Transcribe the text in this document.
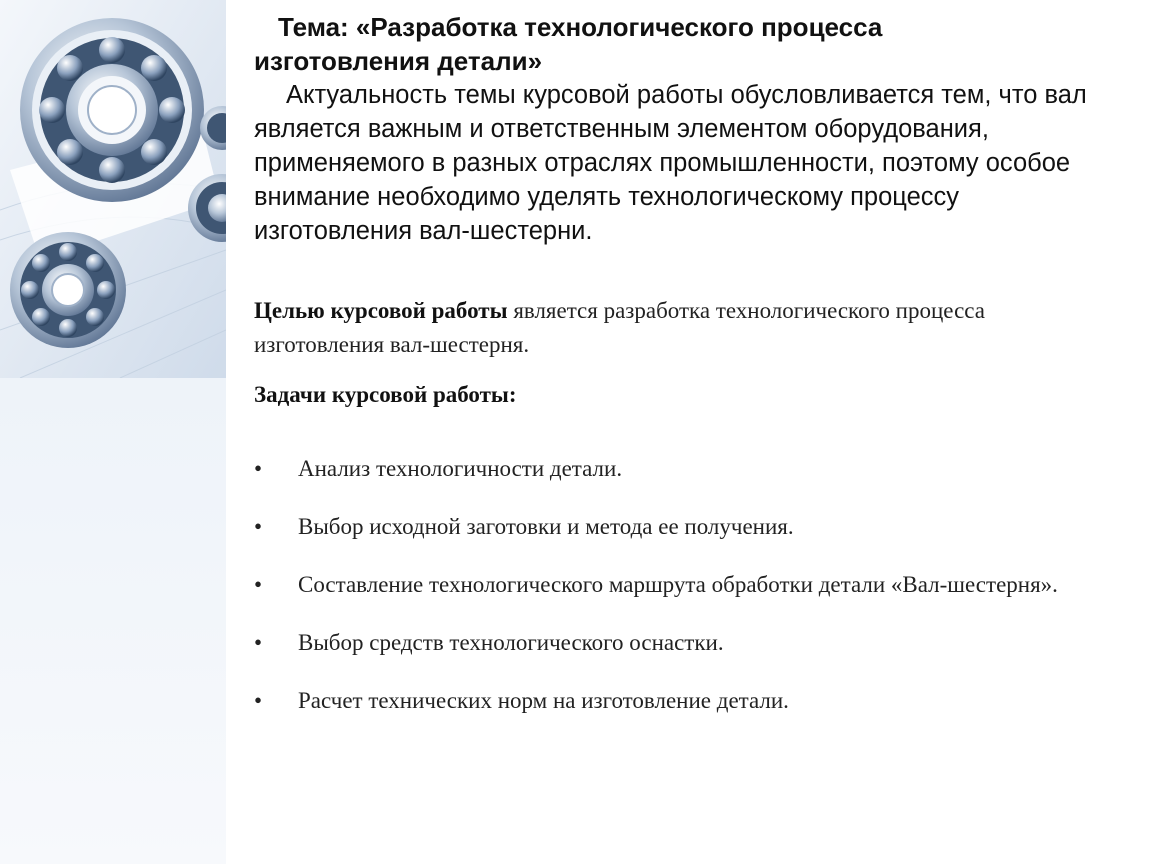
Тема: «Разработка технологического процесса
изготовления детали»

Актуальность темы курсовой работы обусловливается тем, что вал является важным и ответственным элементом оборудования, применяемого в разных отраслях промышленности, поэтому особое внимание необходимо уделять технологическому процессу изготовления вал-шестерни.

Целью курсовой работы является разработка технологического процесса изготовления вал-шестерня.
Задачи курсовой работы:
•	Анализ технологичности детали.
•	Выбор исходной заготовки и метода ее получения.
•	Составление технологического маршрута обработки детали «Вал-шестерня».
•	Выбор средств технологического оснастки.
•	Расчет технических норм на изготовление детали.
